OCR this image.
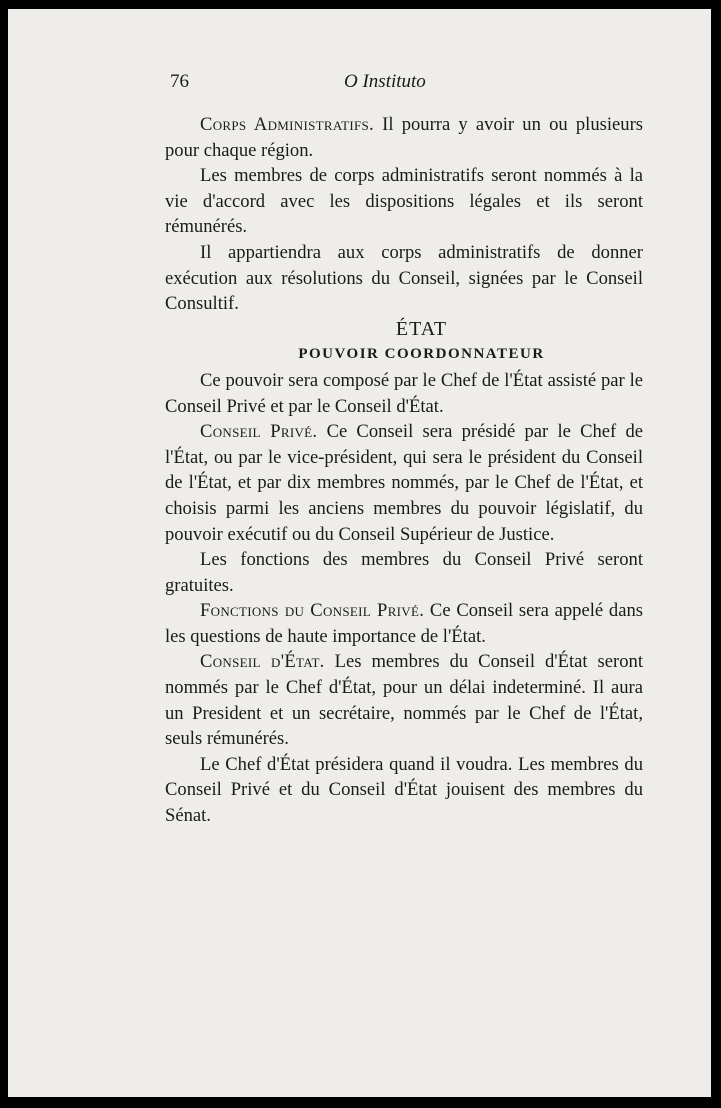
76	O Instituto

Corps Administratifs. Il pourra y avoir un ou plusieurs pour chaque région.

Les membres de corps administratifs seront nommés à la vie d'accord avec les dispositions légales et ils seront rémunérés.

Il appartiendra aux corps administratifs de donner exécution aux résolutions du Conseil, signées par le Conseil Consultif.

ÉTAT

POUVOIR COORDONNATEUR

Ce pouvoir sera composé par le Chef de l'État assisté par le Conseil Privé et par le Conseil d'État.

Conseil Privé. Ce Conseil sera présidé par le Chef de l'État, ou par le vice-président, qui sera le président du Conseil de l'État, et par dix membres nommés, par le Chef de l'État, et choisis parmi les anciens membres du pouvoir législatif, du pouvoir exécutif ou du Conseil Supérieur de Justice.

Les fonctions des membres du Conseil Privé seront gratuites.

Fonctions du Conseil Privé. Ce Conseil sera appelé dans les questions de haute importance de l'État.

Conseil d'État. Les membres du Conseil d'État seront nommés par le Chef d'État, pour un délai indeterminé. Il aura un President et un secrétaire, nommés par le Chef de l'État, seuls rémunérés.

Le Chef d'État présidera quand il voudra. Les membres du Conseil Privé et du Conseil d'État jouisent des membres du Sénat.
